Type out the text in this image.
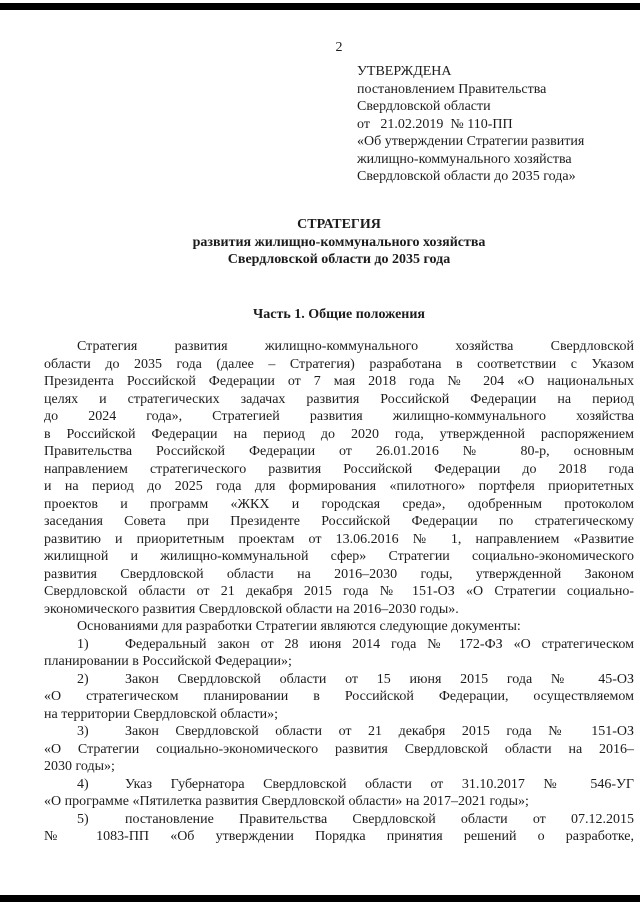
2
УТВЕРЖДЕНА
постановлением Правительства
Свердловской области
от   21.02.2019  № 110-ПП
«Об утверждении Стратегии развития
жилищно-коммунального хозяйства
Свердловской области до 2035 года»
СТРАТЕГИЯ
развития жилищно-коммунального хозяйства
Свердловской области до 2035 года
Часть 1. Общие положения
Стратегия развития жилищно-коммунального хозяйства Свердловской
области до 2035 года (далее – Стратегия) разработана в соответствии с Указом
Президента Российской Федерации от 7 мая 2018 года № 204 «О национальных
целях и стратегических задачах развития Российской Федерации на период
до 2024 года», Стратегией развития жилищно-коммунального хозяйства
в Российской Федерации на период до 2020 года, утвержденной распоряжением
Правительства Российской Федерации от 26.01.2016 № 80-р, основным
направлением стратегического развития Российской Федерации до 2018 года
и на период до 2025 года для формирования «пилотного» портфеля приоритетных
проектов и программ «ЖКХ и городская среда», одобренным протоколом
заседания Совета при Президенте Российской Федерации по стратегическому
развитию и приоритетным проектам от 13.06.2016 № 1, направлением «Развитие
жилищной и жилищно-коммунальной сфер» Стратегии социально-экономического
развития Свердловской области на 2016–2030 годы, утвержденной Законом
Свердловской области от 21 декабря 2015 года № 151-ОЗ «О Стратегии социально-
экономического развития Свердловской области на 2016–2030 годы».
Основаниями для разработки Стратегии являются следующие документы:
1)	Федеральный закон от 28 июня 2014 года № 172-ФЗ «О стратегическом
планировании в Российской Федерации»;
2)	Закон Свердловской области от 15 июня 2015 года № 45-ОЗ
«О стратегическом планировании в Российской Федерации, осуществляемом
на территории Свердловской области»;
3)	Закон Свердловской области от 21 декабря 2015 года № 151-ОЗ
«О Стратегии социально-экономического развития Свердловской области на 2016–
2030 годы»;
4)	Указ Губернатора Свердловской области от 31.10.2017 № 546-УГ
«О программе «Пятилетка развития Свердловской области» на 2017–2021 годы»;
5)	постановление Правительства Свердловской области от 07.12.2015
№ 1083-ПП «Об утверждении Порядка принятия решений о разработке,
